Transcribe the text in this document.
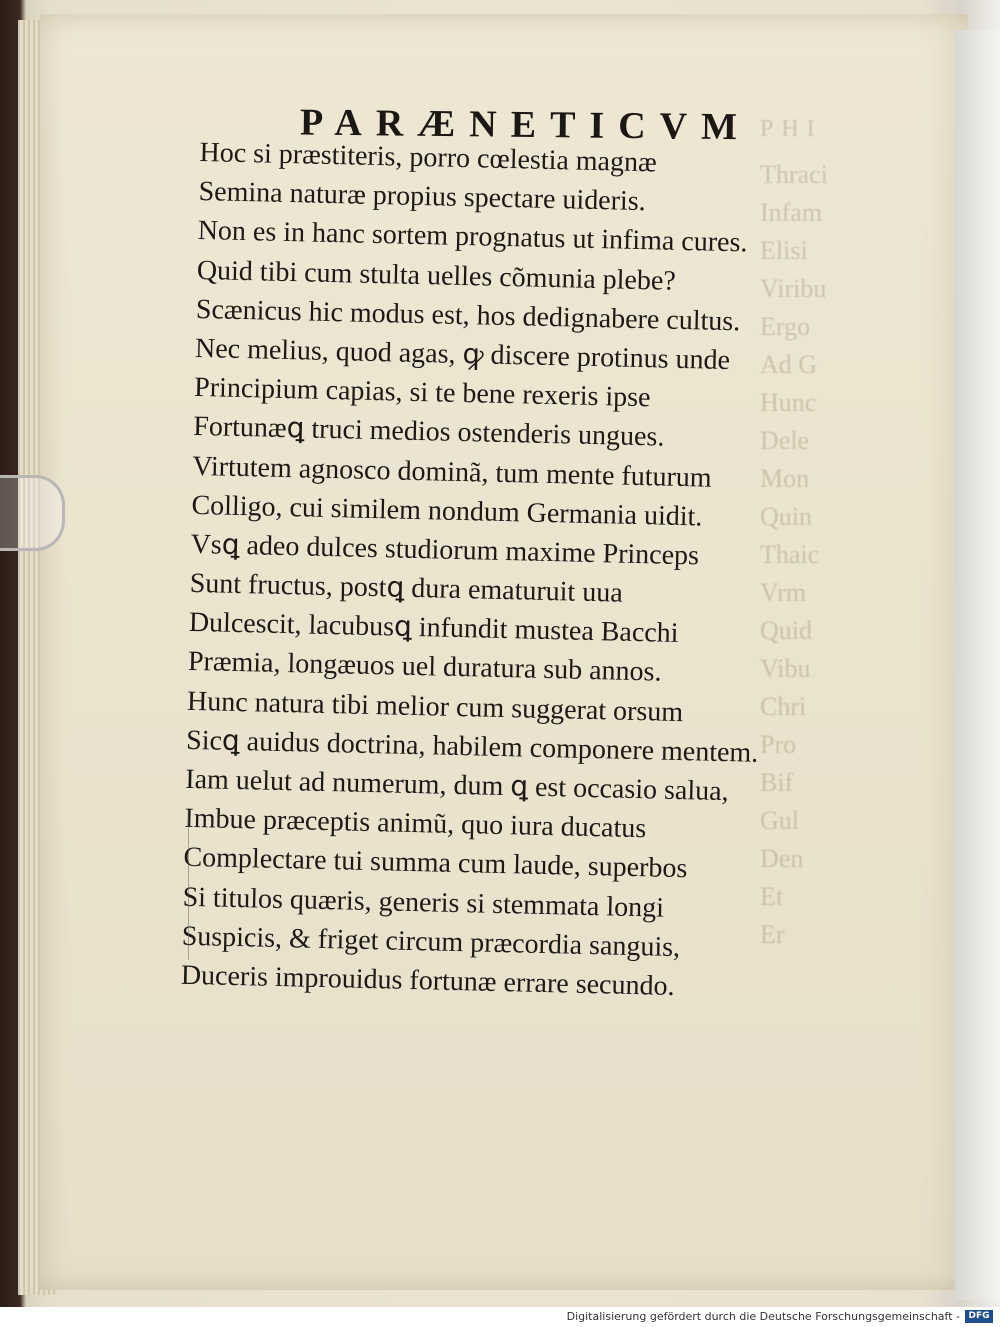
PHI
Thraci
Infam
Elisi
Viribu
Ergo
Ad G
Hunc
Dele
Mon
Quin
Thaic
Vrm
Quid
Vibu
Chri
Pro
Bif
Gul
Den
Et
Er
PARÆNETICVM
Hoc si præstiteris, porro cœlestia magnæ
Semina naturæ propius spectare uideris.
Non es in hanc sortem prognatus ut infima cures.
Quid tibi cum stulta uelles cõmunia plebe?
Scænicus hic modus est, hos dedignabere cultus.
Nec melius, quod agas, ꝙ discere protinus unde
Principium capias, si te bene rexeris ipse
Fortunæꝗ truci medios ostenderis ungues.
Virtutem agnosco dominã, tum mente futurum
Colligo, cui similem nondum Germania uidit.
Vsꝗ adeo dulces studiorum maxime Princeps
Sunt fructus, postꝗ dura ematuruit uua
Dulcescit, lacubusꝗ infundit mustea Bacchi
Præmia, longæuos uel duratura sub annos.
Hunc natura tibi melior cum suggerat orsum
Sicꝗ auidus doctrina, habilem componere mentem.
Iam uelut ad numerum, dum ꝗ est occasio salua,
Imbue præceptis animũ, quo iura ducatus
Complectare tui summa cum laude, superbos
Si titulos quæris, generis si stemmata longi
Suspicis, & friget circum præcordia sanguis,
Duceris improuidus fortunæ errare secundo.
Digitalisierung gefördert durch die Deutsche Forschungsgemeinschaft - DFG
